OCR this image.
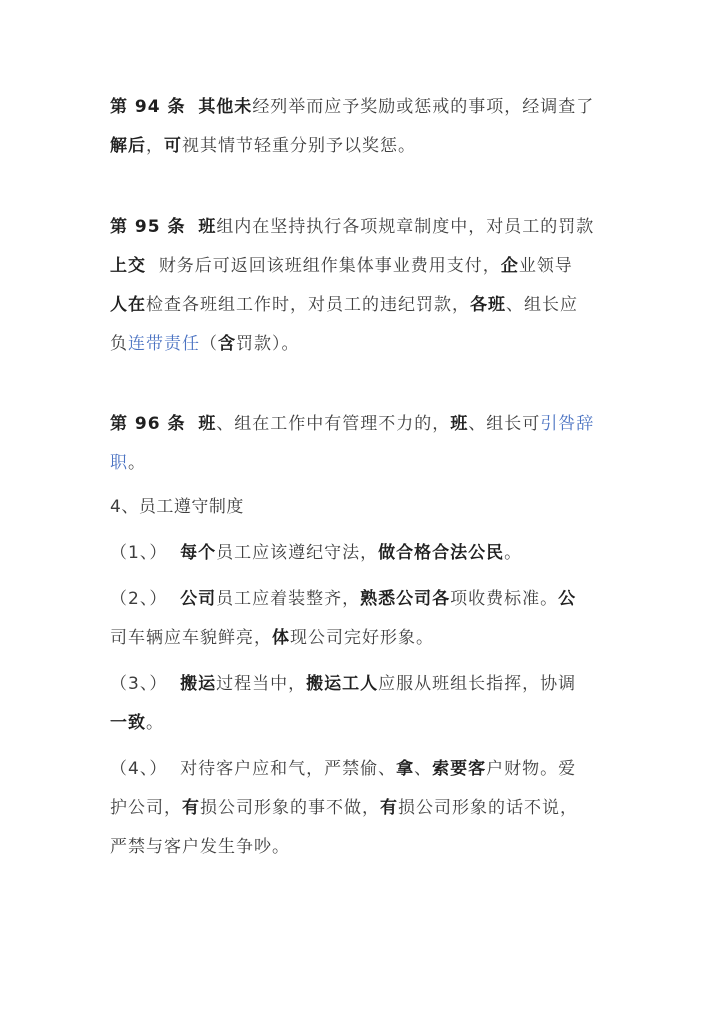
第 94 条 其他未经列举而应予奖励或惩戒的事项，经调查了
解后，可视其情节轻重分别予以奖惩。
第 95 条 班组内在坚持执行各项规章制度中，对员工的罚款
上交 财务后可返回该班组作集体事业费用支付，企业领导
人在检查各班组工作时，对员工的违纪罚款，各班、组长应
负连带责任（含罚款）。
第 96 条 班、组在工作中有管理不力的，班、组长可引咎辞
职。
4、员工遵守制度
（1、） 每个员工应该遵纪守法，做合格合法公民。
（2、） 公司员工应着装整齐，熟悉公司各项收费标准。公
司车辆应车貌鲜亮，体现公司完好形象。
（3、） 搬运过程当中，搬运工人应服从班组长指挥，协调
一致。
（4、） 对待客户应和气，严禁偷、拿、索要客户财物。爱
护公司，有损公司形象的事不做，有损公司形象的话不说，
严禁与客户发生争吵。
